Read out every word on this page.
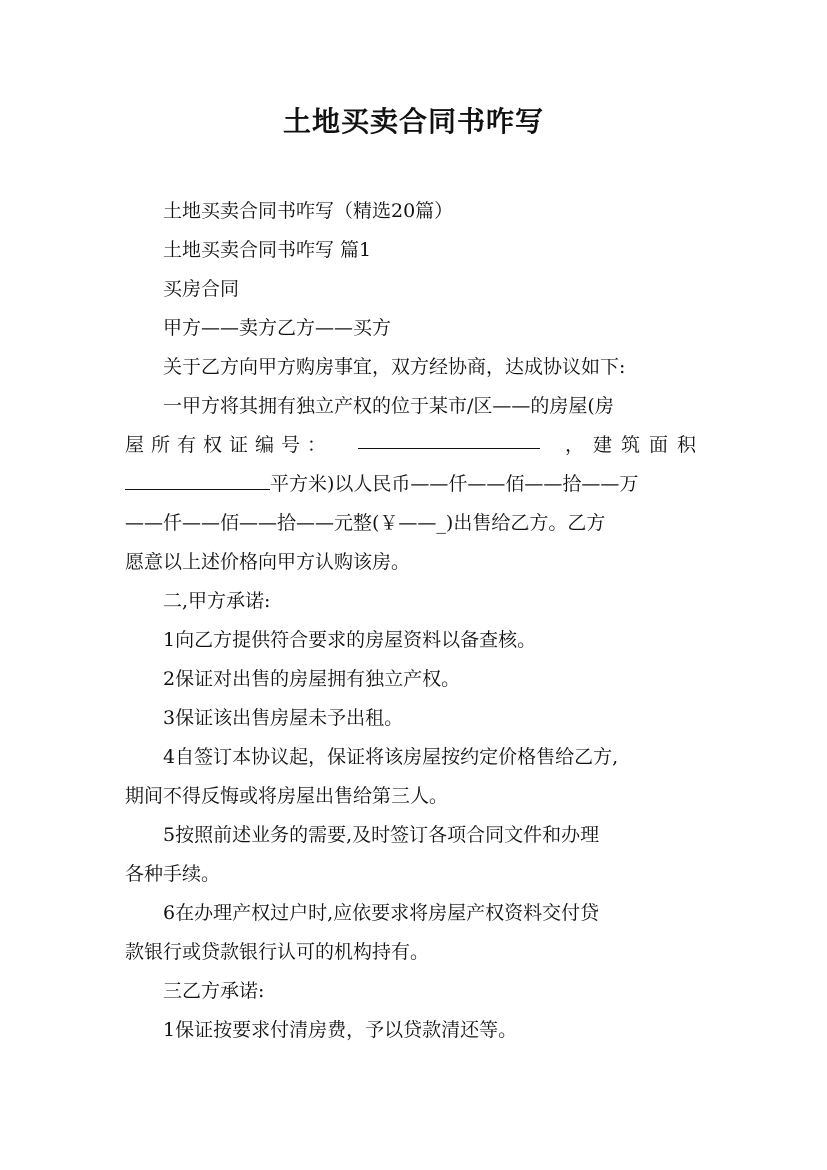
土地买卖合同书咋写

土地买卖合同书咋写（精选20篇）

土地买卖合同书咋写 篇1

买房合同

甲方——卖方乙方——买方

关于乙方向甲方购房事宜，双方经协商，达成协议如下:

一甲方将其拥有独立产权的位于某市/区——的房屋(房
屋所有权证编号：	，建筑面积
平方米)以人民币——仟——佰——拾——万
——仟——佰——拾——元整(￥——_)出售给乙方。乙方
愿意以上述价格向甲方认购该房。

二,甲方承诺:

1向乙方提供符合要求的房屋资料以备查核。

2保证对出售的房屋拥有独立产权。

3保证该出售房屋未予出租。

4自签订本协议起，保证将该房屋按约定价格售给乙方,
期间不得反悔或将房屋出售给第三人。
5按照前述业务的需要,及时签订各项合同文件和办理
各种手续。
6在办理产权过户时,应依要求将房屋产权资料交付贷
款银行或贷款银行认可的机构持有。

三乙方承诺:

1保证按要求付清房费，予以贷款清还等。
